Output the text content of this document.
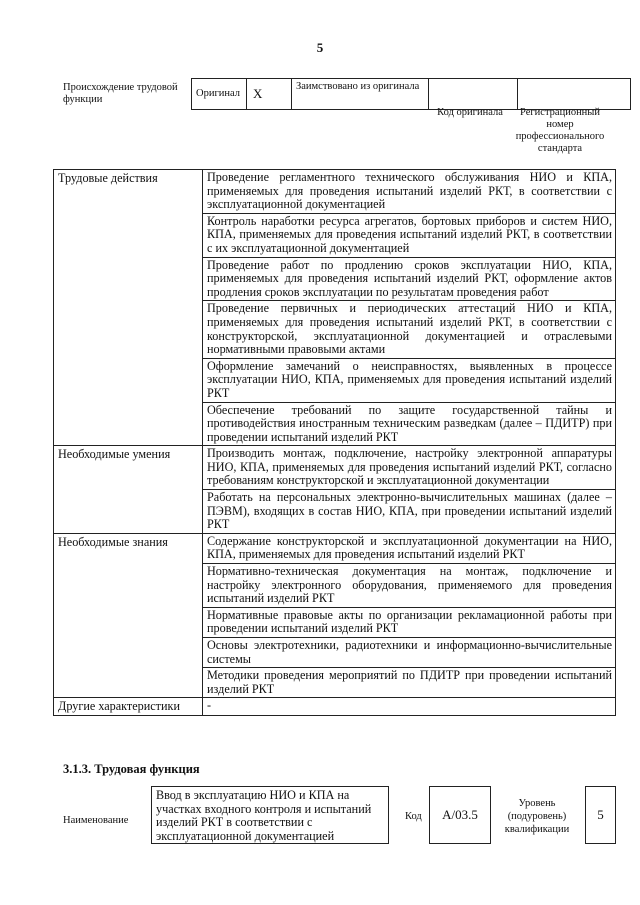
5
Происхождение трудовой функции
Оригинал	X	Заимствовано из оригинала		
Код оригинала	Регистрационный номер профессионального стандарта
Трудовые действия	Проведение регламентного технического обслуживания НИО и КПА, применяемых для проведения испытаний изделий РКТ, в соответствии с эксплуатационной документацией
	Контроль наработки ресурса агрегатов, бортовых приборов и систем НИО, КПА, применяемых для проведения испытаний изделий РКТ, в соответствии с их эксплуатационной документацией
	Проведение работ по продлению сроков эксплуатации НИО, КПА, применяемых для проведения испытаний изделий РКТ, оформление актов продления сроков эксплуатации по результатам проведения работ
	Проведение первичных и периодических аттестаций НИО и КПА, применяемых для проведения испытаний изделий РКТ, в соответствии с конструкторской, эксплуатационной документацией и отраслевыми нормативными правовыми актами
	Оформление замечаний о неисправностях, выявленных в процессе эксплуатации НИО, КПА, применяемых для проведения испытаний изделий РКТ
	Обеспечение требований по защите государственной тайны и противодействия иностранным техническим разведкам (далее – ПДИТР) при проведении испытаний изделий РКТ
Необходимые умения	Производить монтаж, подключение, настройку электронной аппаратуры НИО, КПА, применяемых для проведения испытаний изделий РКТ, согласно требованиям конструкторской и эксплуатационной документации
	Работать на персональных электронно-вычислительных машинах (далее – ПЭВМ), входящих в состав НИО, КПА, при проведении испытаний изделий РКТ
Необходимые знания	Содержание конструкторской и эксплуатационной документации на НИО, КПА, применяемых для проведения испытаний изделий РКТ
	Нормативно-техническая документация на монтаж, подключение и настройку электронного оборудования, применяемого для проведения испытаний изделий РКТ
	Нормативные правовые акты по организации рекламационной работы при проведении испытаний изделий РКТ
	Основы электротехники, радиотехники и информационно-вычислительные системы
	Методики проведения мероприятий по ПДИТР при проведении испытаний изделий РКТ
Другие характеристики	-
3.1.3. Трудовая функция
Наименование
Ввод в эксплуатацию НИО и КПА на участках входного контроля и испытаний изделий РКТ в соответствии с эксплуатационной документацией
Код	А/03.5
Уровень (подуровень) квалификации
5
